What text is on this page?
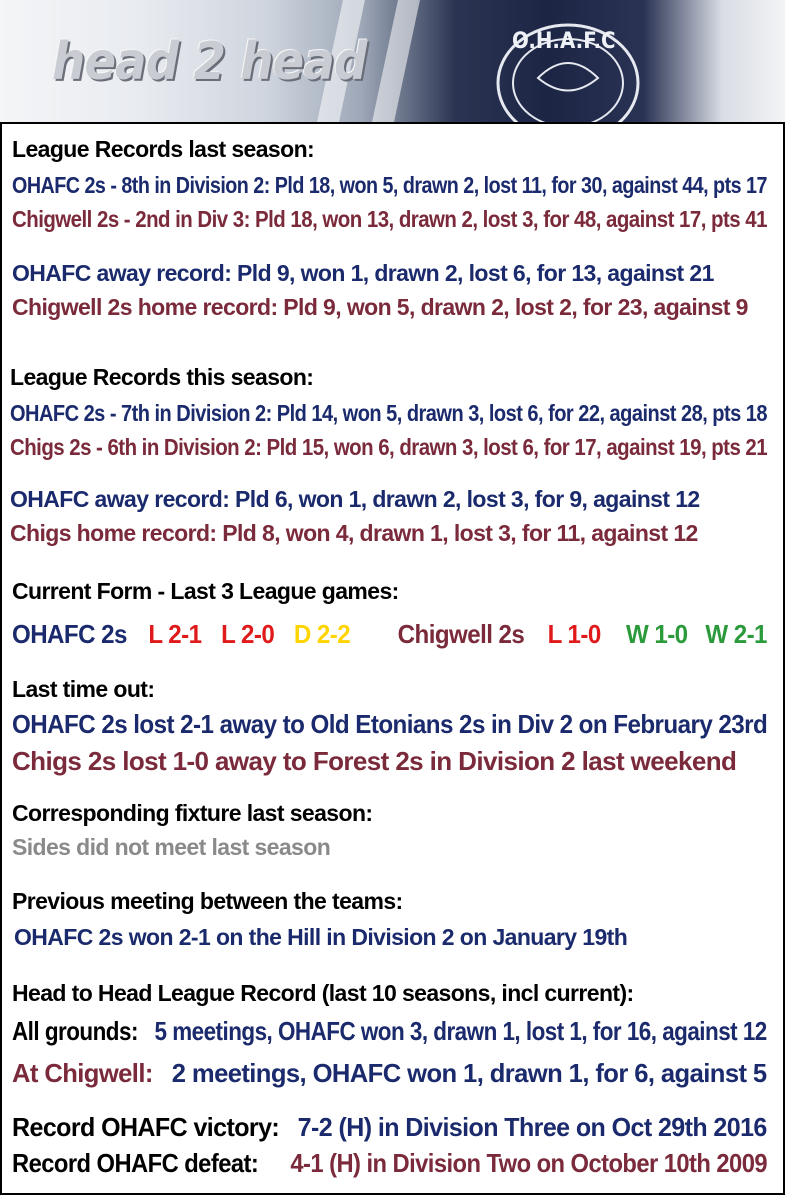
head 2 head	O.H.A.F.C
League Records last season:
OHAFC 2s - 8th in Division 2: Pld 18, won 5, drawn 2, lost 11, for 30, against 44, pts 17
Chigwell 2s - 2nd in Div 3: Pld 18, won 13, drawn 2, lost 3, for 48, against 17, pts 41
OHAFC away record: Pld 9, won 1, drawn 2, lost 6, for 13, against 21
Chigwell 2s home record: Pld 9, won 5, drawn 2, lost 2, for 23, against 9
League Records this season:
OHAFC 2s - 7th in Division 2: Pld 14, won 5, drawn 3, lost 6, for 22, against 28, pts 18
Chigs 2s - 6th in Division 2: Pld 15, won 6, drawn 3, lost 6, for 17, against 19, pts 21
OHAFC away record: Pld 6, won 1, drawn 2, lost 3, for 9, against 12
Chigs home record: Pld 8, won 4, drawn 1, lost 3, for 11, against 12
Current Form - Last 3 League games:
OHAFC 2s L 2-1 L 2-0 D 2-2 Chigwell 2s L 1-0 W 1-0 W 2-1
Last time out:
OHAFC 2s lost 2-1 away to Old Etonians 2s in Div 2 on February 23rd
Chigs 2s lost 1-0 away to Forest 2s in Division 2 last weekend
Corresponding fixture last season:
Sides did not meet last season
Previous meeting between the teams:
OHAFC 2s won 2-1 on the Hill in Division 2 on January 19th
Head to Head League Record (last 10 seasons, incl current):
All grounds: 5 meetings, OHAFC won 3, drawn 1, lost 1, for 16, against 12
At Chigwell: 2 meetings, OHAFC won 1, drawn 1, for 6, against 5
Record OHAFC victory: 7-2 (H) in Division Three on Oct 29th 2016
Record OHAFC defeat: 4-1 (H) in Division Two on October 10th 2009
